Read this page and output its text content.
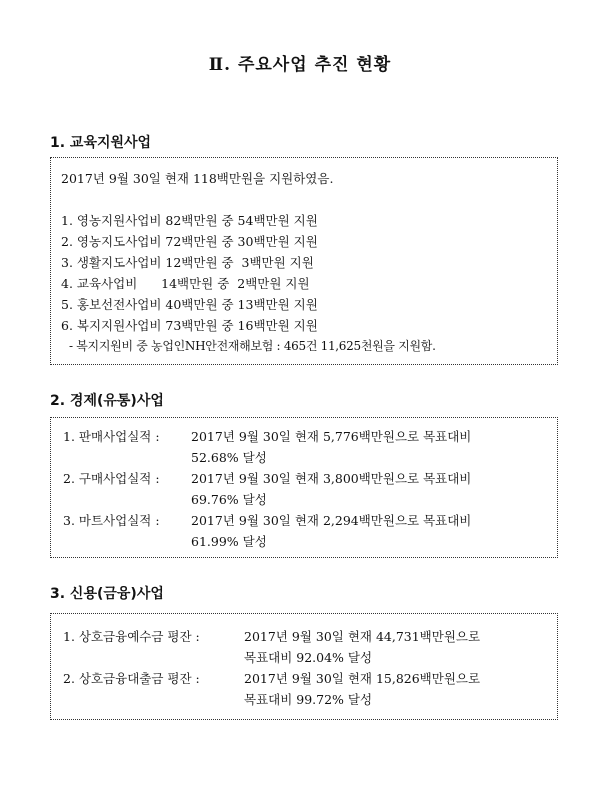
Ⅱ. 주요사업 추진 현황
1. 교육지원사업
2017년 9월 30일 현재 118백만원을 지원하였음.
1. 영농지원사업비 82백만원 중 54백만원 지원
2. 영농지도사업비 72백만원 중 30백만원 지원
3. 생활지도사업비 12백만원 중  3백만원 지원
4. 교육사업비      14백만원 중  2백만원 지원
5. 홍보선전사업비 40백만원 중 13백만원 지원
6. 복지지원사업비 73백만원 중 16백만원 지원
- 복지지원비 중 농업인NH안전재해보험 : 465건 11,625천원을 지원함.
2. 경제(유통)사업
1. 판매사업실적 :	2017년 9월 30일 현재 5,776백만원으로 목표대비
52.68% 달성
2. 구매사업실적 :	2017년 9월 30일 현재 3,800백만원으로 목표대비
69.76% 달성
3. 마트사업실적 :	2017년 9월 30일 현재 2,294백만원으로 목표대비
61.99% 달성
3. 신용(금융)사업
1. 상호금융예수금 평잔 :	2017년 9월 30일 현재 44,731백만원으로
목표대비 92.04% 달성
2. 상호금융대출금 평잔 :	2017년 9월 30일 현재 15,826백만원으로
목표대비 99.72% 달성
